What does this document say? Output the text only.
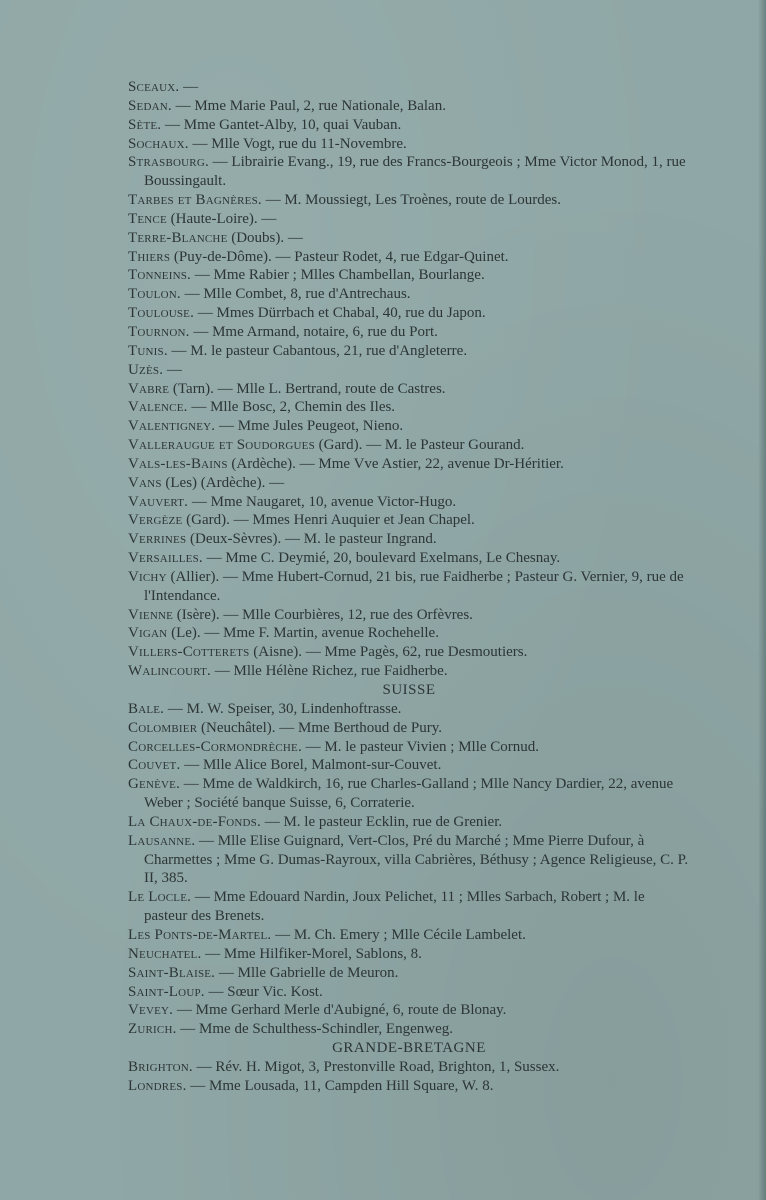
Sceaux. —

Sedan. — Mme Marie Paul, 2, rue Nationale, Balan.

Sète. — Mme Gantet-Alby, 10, quai Vauban.

Sochaux. — Mlle Vogt, rue du 11-Novembre.

Strasbourg. — Librairie Evang., 19, rue des Francs-Bourgeois ; Mme Victor Monod, 1, rue Boussingault.

Tarbes et Bagnères. — M. Moussiegt, Les Troènes, route de Lourdes.

Tence (Haute-Loire). —

Terre-Blanche (Doubs). —

Thiers (Puy-de-Dôme). — Pasteur Rodet, 4, rue Edgar-Quinet.

Tonneins. — Mme Rabier ; Mlles Chambellan, Bourlange.

Toulon. — Mlle Combet, 8, rue d'Antrechaus.

Toulouse. — Mmes Dürrbach et Chabal, 40, rue du Japon.

Tournon. — Mme Armand, notaire, 6, rue du Port.

Tunis. — M. le pasteur Cabantous, 21, rue d'Angleterre.

Uzès. —

Vabre (Tarn). — Mlle L. Bertrand, route de Castres.

Valence. — Mlle Bosc, 2, Chemin des Iles.

Valentigney. — Mme Jules Peugeot, Nieno.

Valleraugue et Soudorgues (Gard). — M. le Pasteur Gourand.

Vals-les-Bains (Ardèche). — Mme Vve Astier, 22, avenue Dr-Héritier.

Vans (Les) (Ardèche). —

Vauvert. — Mme Naugaret, 10, avenue Victor-Hugo.

Vergèze (Gard). — Mmes Henri Auquier et Jean Chapel.

Verrines (Deux-Sèvres). — M. le pasteur Ingrand.

Versailles. — Mme C. Deymié, 20, boulevard Exelmans, Le Chesnay.

Vichy (Allier). — Mme Hubert-Cornud, 21 bis, rue Faidherbe ; Pasteur G. Vernier, 9, rue de l'Intendance.

Vienne (Isère). — Mlle Courbières, 12, rue des Orfèvres.

Vigan (Le). — Mme F. Martin, avenue Rochehelle.

Villers-Cotterets (Aisne). — Mme Pagès, 62, rue Desmoutiers.

Walincourt. — Mlle Hélène Richez, rue Faidherbe.

SUISSE

Bale. — M. W. Speiser, 30, Lindenhoftrasse.

Colombier (Neuchâtel). — Mme Berthoud de Pury.

Corcelles-Cormondrèche. — M. le pasteur Vivien ; Mlle Cornud.

Couvet. — Mlle Alice Borel, Malmont-sur-Couvet.

Genève. — Mme de Waldkirch, 16, rue Charles-Galland ; Mlle Nancy Dardier, 22, avenue Weber ; Société banque Suisse, 6, Corraterie.

La Chaux-de-Fonds. — M. le pasteur Ecklin, rue de Grenier.

Lausanne. — Mlle Elise Guignard, Vert-Clos, Pré du Marché ; Mme Pierre Dufour, à Charmettes ; Mme G. Dumas-Rayroux, villa Cabrières, Béthusy ; Agence Religieuse, C. P. II, 385.

Le Locle. — Mme Edouard Nardin, Joux Pelichet, 11 ; Mlles Sarbach, Robert ; M. le pasteur des Brenets.

Les Ponts-de-Martel. — M. Ch. Emery ; Mlle Cécile Lambelet.

Neuchatel. — Mme Hilfiker-Morel, Sablons, 8.

Saint-Blaise. — Mlle Gabrielle de Meuron.

Saint-Loup. — Sœur Vic. Kost.

Vevey. — Mme Gerhard Merle d'Aubigné, 6, route de Blonay.

Zurich. — Mme de Schulthess-Schindler, Engenweg.

GRANDE-BRETAGNE

Brighton. — Rév. H. Migot, 3, Prestonville Road, Brighton, 1, Sussex.

Londres. — Mme Lousada, 11, Campden Hill Square, W. 8.
